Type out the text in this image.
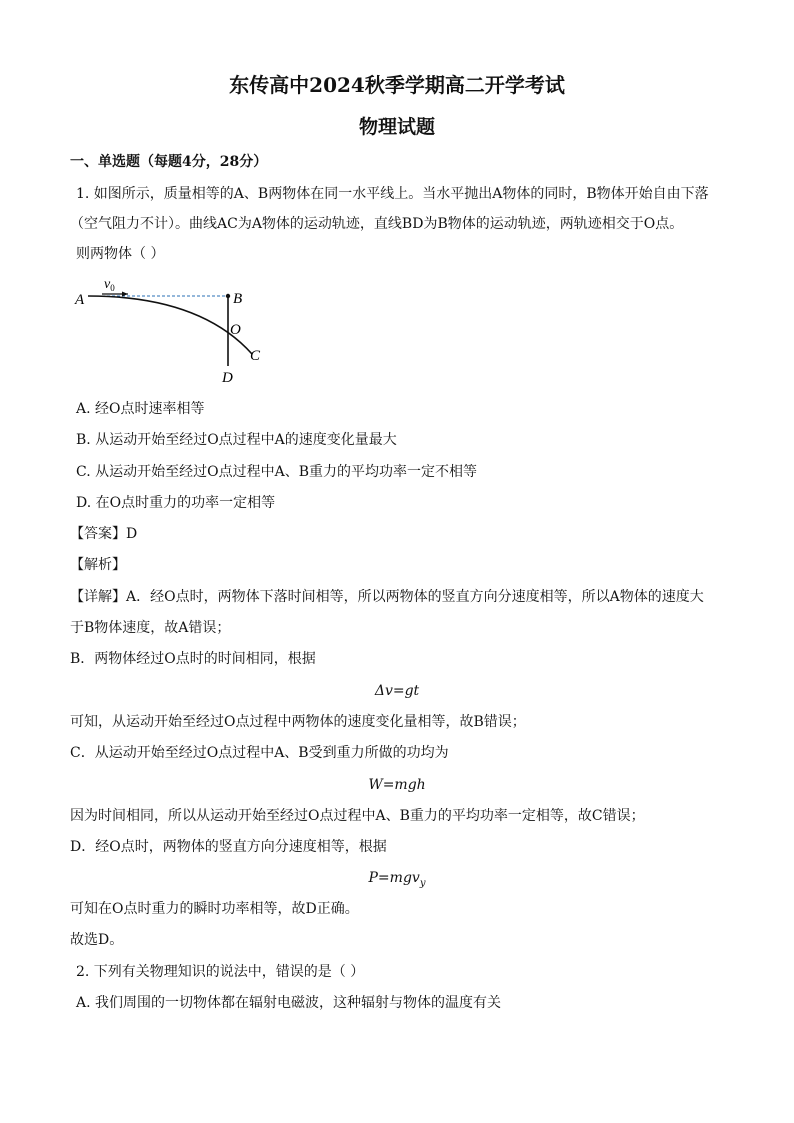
东传高中2024秋季学期高二开学考试
物理试题
一、单选题（每题4分，28分）
1. 如图所示，质量相等的A、B两物体在同一水平线上。当水平抛出A物体的同时，B物体开始自由下落
（空气阻力不计）。曲线AC为A物体的运动轨迹，直线BD为B物体的运动轨迹，两轨迹相交于O点。
则两物体（ ）
A
$v_0$
B
O
C
D
A. 经O点时速率相等
B. 从运动开始至经过O点过程中A的速度变化量最大
C. 从运动开始至经过O点过程中A、B重力的平均功率一定不相等
D. 在O点时重力的功率一定相等
【答案】D
【解析】
【详解】A．经O点时，两物体下落时间相等，所以两物体的竖直方向分速度相等，所以A物体的速度大
于B物体速度，故A错误；
B．两物体经过O点时的时间相同，根据
Δv=gt
可知，从运动开始至经过O点过程中两物体的速度变化量相等，故B错误；
C．从运动开始至经过O点过程中A、B受到重力所做的功均为
W=mgh
因为时间相同，所以从运动开始至经过O点过程中A、B重力的平均功率一定相等，故C错误；
D．经O点时，两物体的竖直方向分速度相等，根据
P=mgv$_y$
可知在O点时重力的瞬时功率相等，故D正确。
故选D。
2. 下列有关物理知识的说法中，错误的是（ ）
A. 我们周围的一切物体都在辐射电磁波，这种辐射与物体的温度有关
